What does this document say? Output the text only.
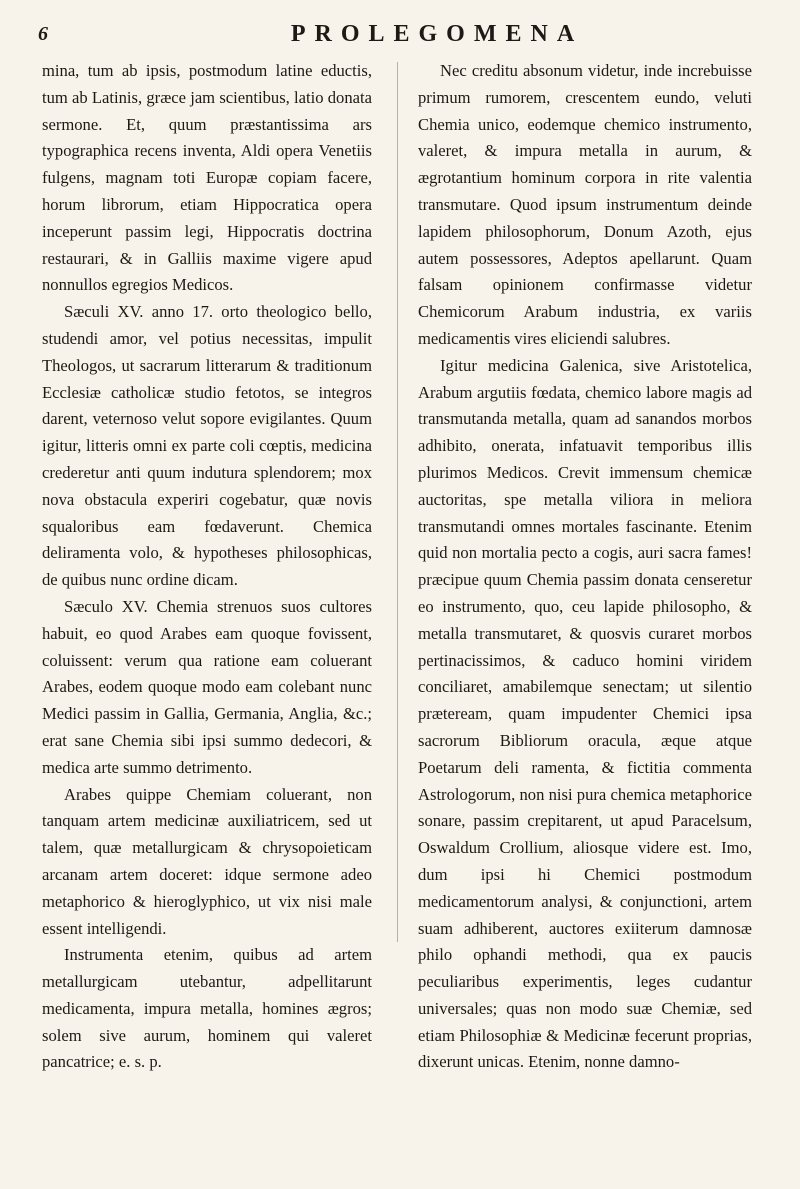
6	PROLEGOMENA

mina, tum ab ipsis, postmodum latine eductis, tum ab Latinis, græce jam scientibus, latio donata sermone. Et, quum præstantissima ars typographica recens inventa, Aldi opera Venetiis fulgens, magnam toti Europæ copiam facere, horum librorum, etiam Hippocratica opera inceperunt passim legi, Hippocratis doctrina restaurari, & in Galliis maxime vigere apud nonnullos egregios Medicos.

Sæculi XV. anno 17. orto theologico bello, studendi amor, vel potius necessitas, impulit Theologos, ut sacrarum litterarum & traditionum Ecclesiæ catholicæ studio fetotos, se integros darent, veternoso velut sopore evigilantes. Quum igitur, litteris omni ex parte coli cœptis, medicina crederetur anti quum indutura splendorem; mox nova obstacula experiri cogebatur, quæ novis squaloribus eam fœdaverunt. Chemica deliramenta volo, & hypotheses philosophicas, de quibus nunc ordine dicam.

Sæculo XV. Chemia strenuos suos cultores habuit, eo quod Arabes eam quoque fovissent, coluissent: verum qua ratione eam coluerant Arabes, eodem quoque modo eam colebant nunc Medici passim in Gallia, Germania, Anglia, &c.; erat sane Chemia sibi ipsi summo dedecori, & medica arte summo detrimento.

Arabes quippe Chemiam coluerant, non tanquam artem medicinæ auxiliatricem, sed ut talem, quæ metallurgicam & chrysopoieticam arcanam artem doceret: idque sermone adeo metaphorico & hieroglyphico, ut vix nisi male essent intelligendi.

Instrumenta etenim, quibus ad artem metallurgicam utebantur, adpellitarunt medicamenta, impura metalla, homines ægros; solem sive aurum, hominem qui valeret pancatrice; e. s. p.

Nec creditu absonum videtur, inde increbuisse primum rumorem, crescentem eundo, veluti Chemia unico, eodemque chemico instrumento, valeret, & impura metalla in aurum, & ægrotantium hominum corpora in rite valentia transmutare. Quod ipsum instrumentum deinde lapidem philosophorum, Donum Azoth, ejus autem possessores, Adeptos apellarunt. Quam falsam opinionem confirmasse videtur Chemicorum Arabum industria, ex variis medicamentis vires eliciendi salubres.

Igitur medicina Galenica, sive Aristotelica, Arabum argutiis fœdata, chemico labore magis ad transmutanda metalla, quam ad sanandos morbos adhibito, onerata, infatuavit temporibus illis plurimos Medicos. Crevit immensum chemicæ auctoritas, spe metalla viliora in meliora transmutandi omnes mortales fascinante. Etenim quid non mortalia pecto a cogis, auri sacra fames! præcipue quum Chemia passim donata censeretur eo instrumento, quo, ceu lapide philosopho, & metalla transmutaret, & quosvis curaret morbos pertinacissimos, & caduco homini viridem conciliaret, amabilemque senectam; ut silentio præteream, quam impudenter Chemici ipsa sacrorum Bibliorum oracula, æque atque Poetarum deli ramenta, & fictitia commenta Astrologorum, non nisi pura chemica metaphorice sonare, passim crepitarent, ut apud Paracelsum, Oswaldum Crollium, aliosque videre est. Imo, dum ipsi hi Chemici postmodum medicamentorum analysi, & conjunctioni, artem suam adhiberent, auctores exiiterum damnosæ philo ophandi methodi, qua ex paucis peculiaribus experimentis, leges cudantur universales; quas non modo suæ Chemiæ, sed etiam Philosophiæ & Medicinæ fecerunt proprias, dixerunt unicas. Etenim, nonne damno-
